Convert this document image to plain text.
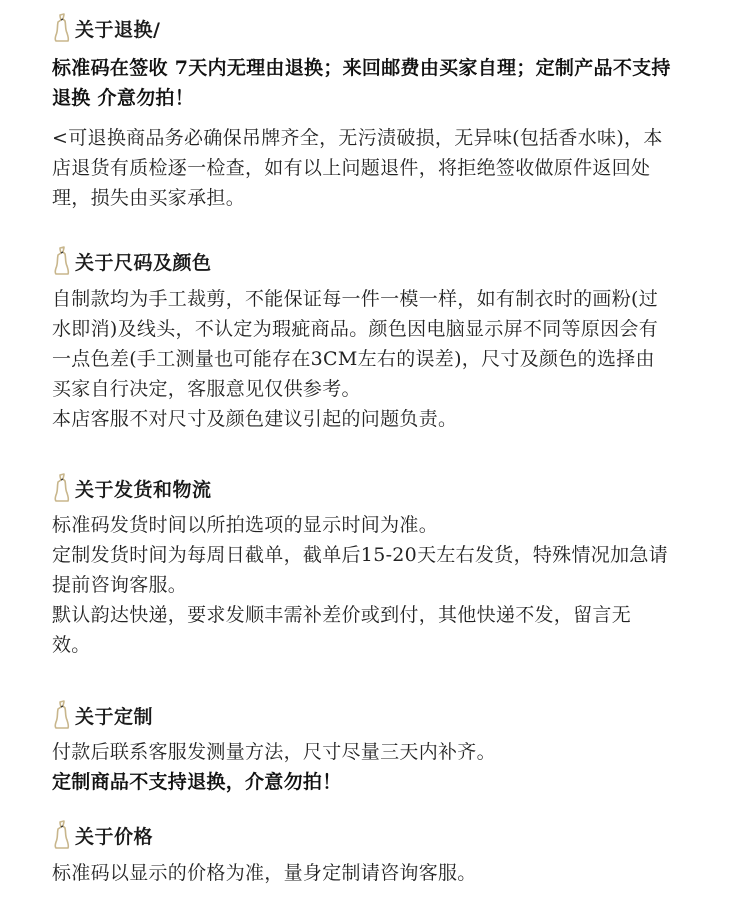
关于退换/
标准码在签收 7天内无理由退换；来回邮费由买家自理；定制产品不支持
退换 介意勿拍！
<可退换商品务必确保吊牌齐全，无污渍破损，无异味(包括香水味)，本
店退货有质检逐一检查，如有以上问题退件，将拒绝签收做原件返回处
理，损失由买家承担。
关于尺码及颜色
自制款均为手工裁剪，不能保证每一件一模一样，如有制衣时的画粉(过
水即消)及线头，不认定为瑕疵商品。颜色因电脑显示屏不同等原因会有
一点色差(手工测量也可能存在3CM左右的误差)，尺寸及颜色的选择由
买家自行决定，客服意见仅供参考。
本店客服不对尺寸及颜色建议引起的问题负责。
关于发货和物流
标准码发货时间以所拍选项的显示时间为准。
定制发货时间为每周日截单，截单后15-20天左右发货，特殊情况加急请
提前咨询客服。
默认韵达快递，要求发顺丰需补差价或到付，其他快递不发，留言无
效。
关于定制
付款后联系客服发测量方法，尺寸尽量三天内补齐。
定制商品不支持退换，介意勿拍！
关于价格
标准码以显示的价格为准，量身定制请咨询客服。
